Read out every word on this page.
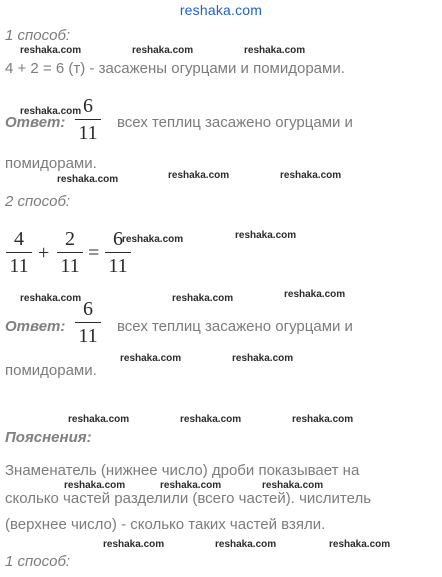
reshaka.com
1 способ:
reshaka.com	reshaka.com	reshaka.com
4 + 2 = 6 (т) - засажены огурцами и помидорами.
reshaka.com
Ответ:
6
11 всех теплиц засажено огурцами и
помидорами.
reshaka.com	reshaka.com	reshaka.com
2 способ:
4
11
+
2
11
=
6
11
reshaka.com	reshaka.com
reshaka.com	reshaka.com	reshaka.com
Ответ:
6
11 всех теплиц засажено огурцами и
reshaka.com	reshaka.com
помидорами.
reshaka.com	reshaka.com	reshaka.com
Пояснения:
Знаменатель (нижнее число) дроби показывает на
reshaka.com	reshaka.com	reshaka.com
сколько частей разделили (всего частей). числитель
(верхнее число) - сколько таких частей взяли.
reshaka.com	reshaka.com	reshaka.com
1 способ:
